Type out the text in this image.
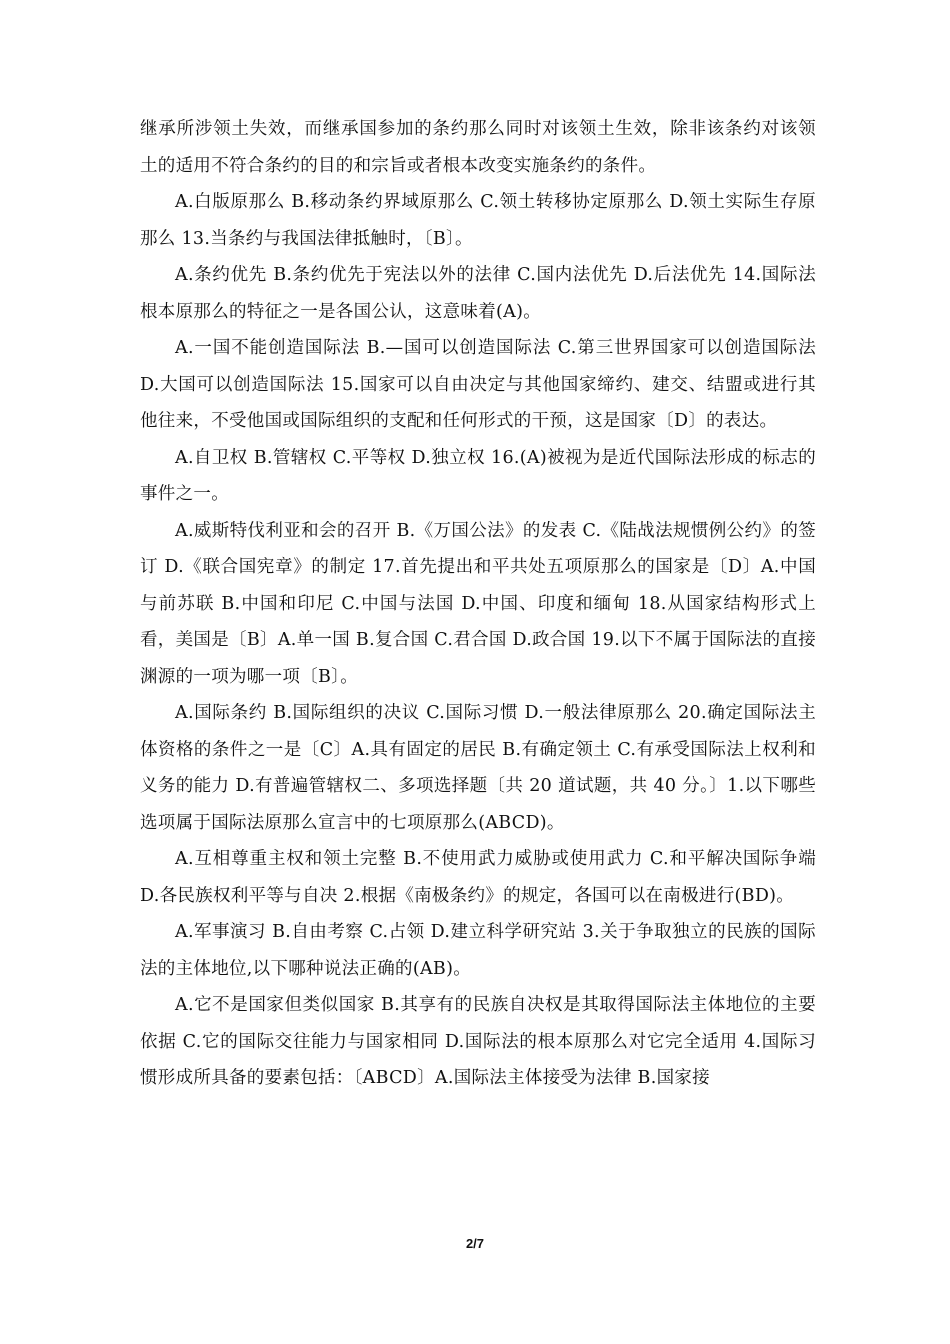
继承所涉领土失效，而继承国参加的条约那么同时对该领土生效，除非该条约对该领土的适用不符合条约的目的和宗旨或者根本改变实施条约的条件。

A.白版原那么 B.移动条约界域原那么 C.领土转移协定原那么 D.领土实际生存原那么 13.当条约与我国法律抵触时，〔B〕。

A.条约优先 B.条约优先于宪法以外的法律 C.国内法优先 D.后法优先 14.国际法根本原那么的特征之一是各国公认，这意味着(A)。

A.一国不能创造国际法 B.—国可以创造国际法 C.第三世界国家可以创造国际法 D.大国可以创造国际法 15.国家可以自由决定与其他国家缔约、建交、结盟或进行其他往来，不受他国或国际组织的支配和任何形式的干预，这是国家〔D〕的表达。

A.自卫权 B.管辖权 C.平等权 D.独立权 16.(A)被视为是近代国际法形成的标志的事件之一。

A.威斯特伐利亚和会的召开 B.《万国公法》的发表 C.《陆战法规惯例公约》的签订 D.《联合国宪章》的制定 17.首先提出和平共处五项原那么的国家是〔D〕A.中国与前苏联 B.中国和印尼 C.中国与法国 D.中国、印度和缅甸 18.从国家结构形式上看，美国是〔B〕A.单一国 B.复合国 C.君合国 D.政合国 19.以下不属于国际法的直接渊源的一项为哪一项〔B〕。

A.国际条约 B.国际组织的决议 C.国际习惯 D.一般法律原那么 20.确定国际法主体资格的条件之一是〔C〕A.具有固定的居民 B.有确定领土 C.有承受国际法上权利和义务的能力 D.有普遍管辖权二、多项选择题〔共 20 道试题，共 40 分。〕1.以下哪些选项属于国际法原那么宣言中的七项原那么(ABCD)。

A.互相尊重主权和领土完整 B.不使用武力威胁或使用武力 C.和平解决国际争端 D.各民族权利平等与自决 2.根据《南极条约》的规定，各国可以在南极进行(BD)。

A.军事演习 B.自由考察 C.占领 D.建立科学研究站 3.关于争取独立的民族的国际法的主体地位,以下哪种说法正确的(AB)。

A.它不是国家但类似国家 B.其享有的民族自决权是其取得国际法主体地位的主要依据 C.它的国际交往能力与国家相同 D.国际法的根本原那么对它完全适用 4.国际习惯形成所具备的要素包括：〔ABCD〕A.国际法主体接受为法律 B.国家接

2/7
